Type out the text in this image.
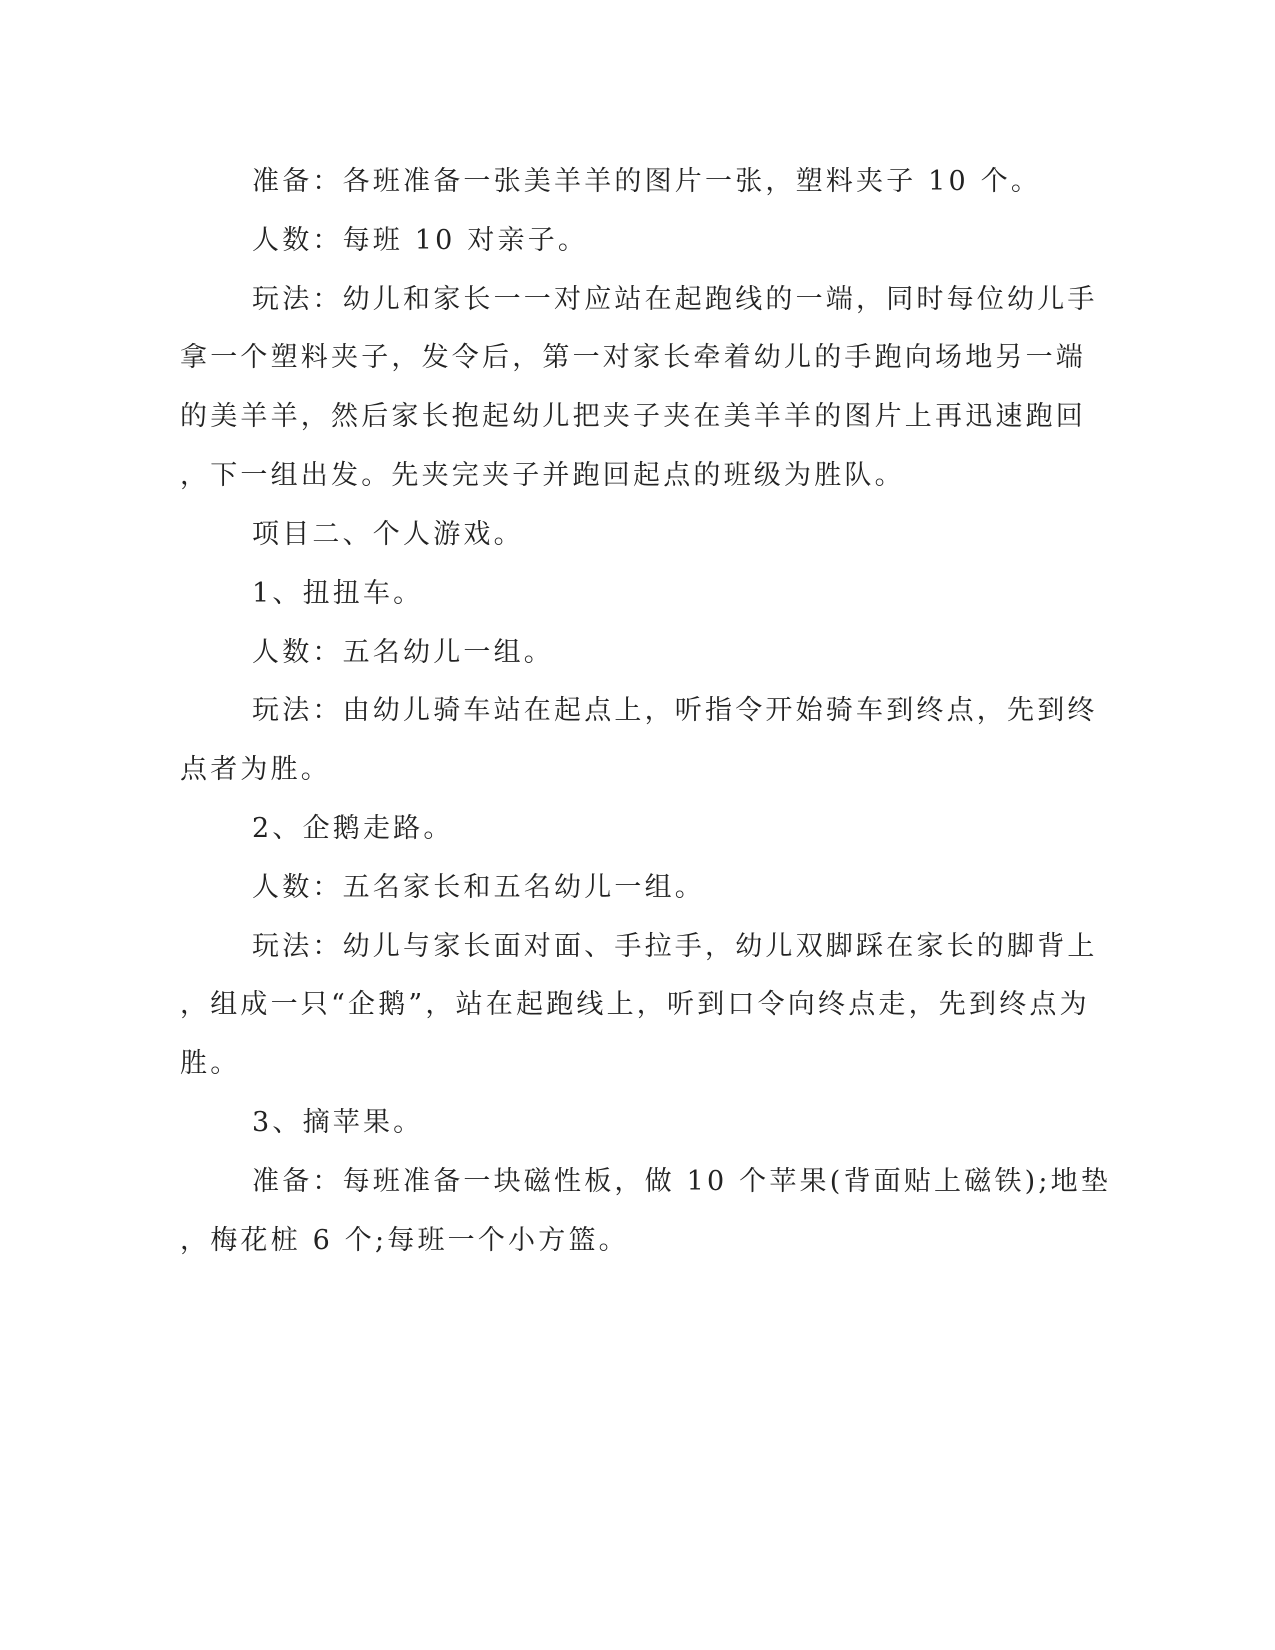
准备：各班准备一张美羊羊的图片一张，塑料夹子 10 个。
人数：每班 10 对亲子。
玩法：幼儿和家长一一对应站在起跑线的一端，同时每位幼儿手
拿一个塑料夹子，发令后，第一对家长牵着幼儿的手跑向场地另一端
的美羊羊，然后家长抱起幼儿把夹子夹在美羊羊的图片上再迅速跑回
，下一组出发。先夹完夹子并跑回起点的班级为胜队。
项目二、个人游戏。
1、扭扭车。
人数：五名幼儿一组。
玩法：由幼儿骑车站在起点上，听指令开始骑车到终点，先到终
点者为胜。
2、企鹅走路。
人数：五名家长和五名幼儿一组。
玩法：幼儿与家长面对面、手拉手，幼儿双脚踩在家长的脚背上
，组成一只“企鹅”，站在起跑线上，听到口令向终点走，先到终点为
胜。
3、摘苹果。
准备：每班准备一块磁性板，做 10 个苹果(背面贴上磁铁);地垫
，梅花桩 6 个;每班一个小方篮。
